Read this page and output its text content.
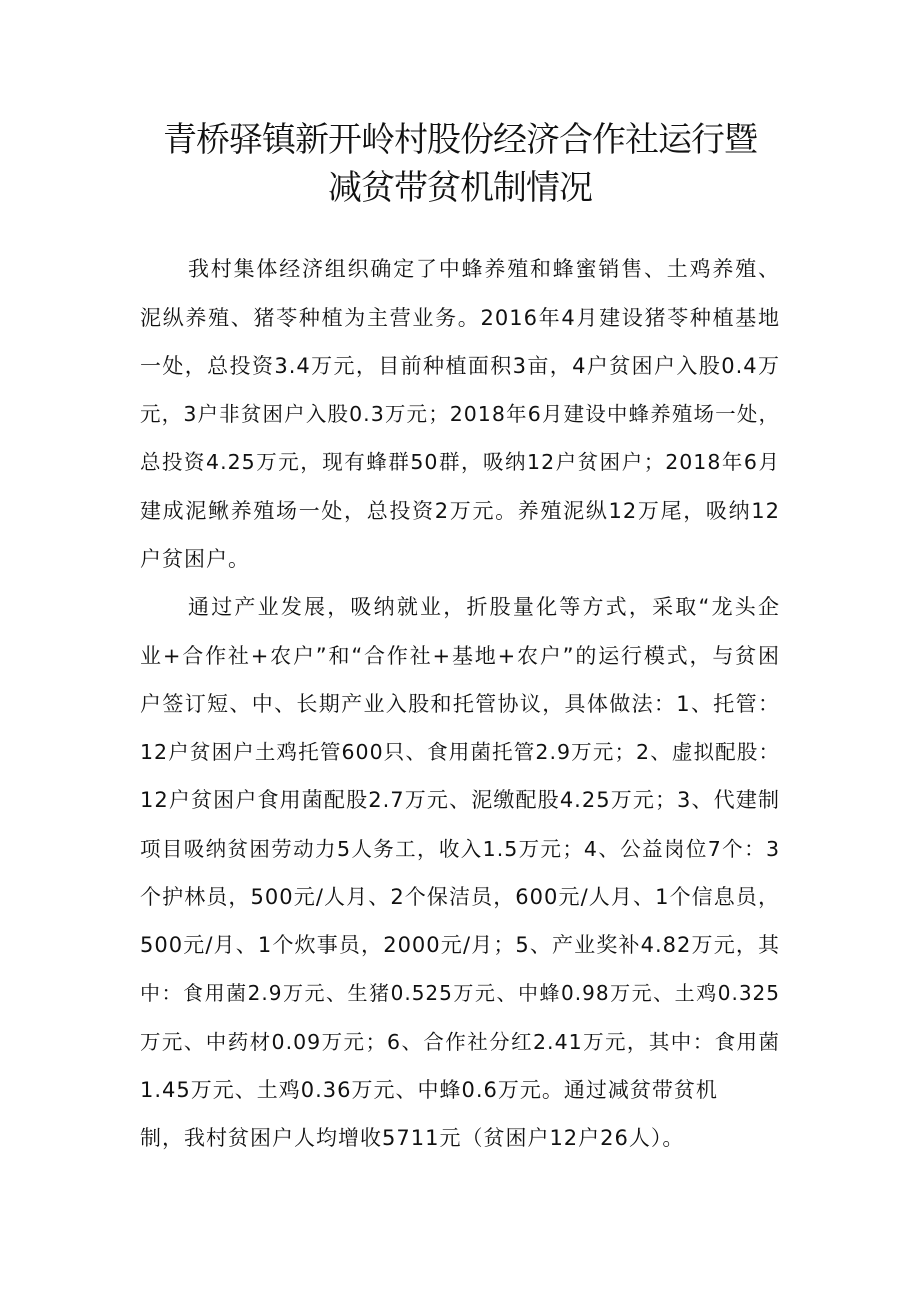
青桥驿镇新开岭村股份经济合作社运行暨
减贫带贫机制情况
我村集体经济组织确定了中蜂养殖和蜂蜜销售、土鸡养殖、
泥纵养殖、猪苓种植为主营业务。2016年4月建设猪苓种植基地
一处，总投资3.4万元，目前种植面积3亩，4户贫困户入股0.4万
元，3户非贫困户入股0.3万元；2018年6月建设中蜂养殖场一处，
总投资4.25万元，现有蜂群50群，吸纳12户贫困户；2018年6月
建成泥鳅养殖场一处，总投资2万元。养殖泥纵12万尾，吸纳12
户贫困户。
通过产业发展，吸纳就业，折股量化等方式，采取“龙头企
业+合作社+农户”和“合作社+基地+农户”的运行模式，与贫困
户签订短、中、长期产业入股和托管协议，具体做法：1、托管：
12户贫困户土鸡托管600只、食用菌托管2.9万元；2、虚拟配股：
12户贫困户食用菌配股2.7万元、泥缴配股4.25万元；3、代建制
项目吸纳贫困劳动力5人务工，收入1.5万元；4、公益岗位7个：3
个护林员，500元/人月、2个保洁员，600元/人月、1个信息员，
500元/月、1个炊事员，2000元/月；5、产业奖补4.82万元，其
中：食用菌2.9万元、生猪0.525万元、中蜂0.98万元、土鸡0.325
万元、中药材0.09万元；6、合作社分红2.41万元，其中：食用菌
1.45万元、土鸡0.36万元、中蜂0.6万元。通过减贫带贫机
制，我村贫困户人均增收5711元（贫困户12户26人）。
